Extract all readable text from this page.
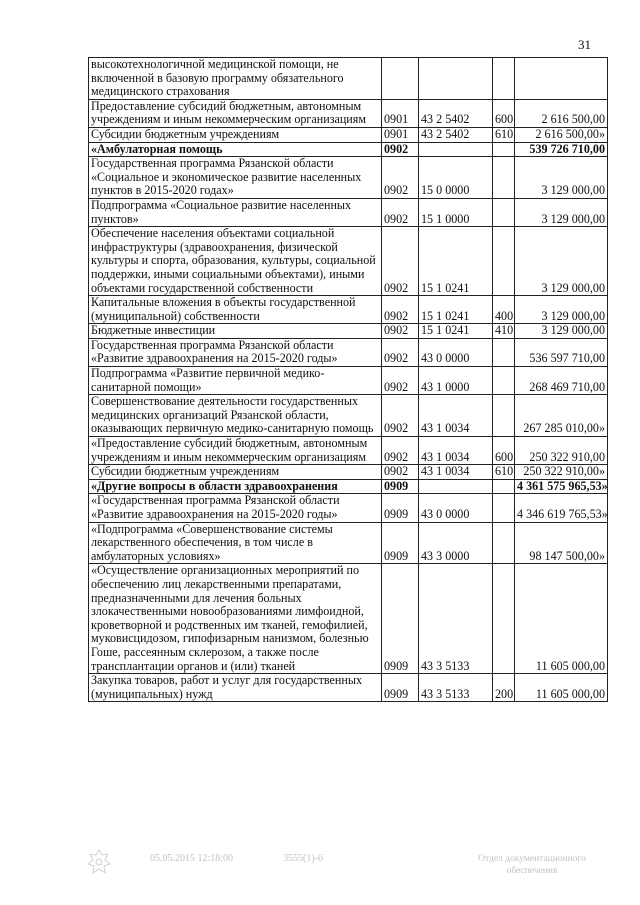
31
высокотехнологичной медицинской помощи, не включенной в базовую программу обязательного медицинского страхования				
Предоставление субсидий бюджетным, автономным учреждениям и иным некоммерческим организациям	0901	43 2 5402	600	2 616 500,00
Субсидии бюджетным учреждениям	0901	43 2 5402	610	2 616 500,00»
«Амбулаторная помощь	0902			539 726 710,00
Государственная программа Рязанской области «Социальное и экономическое развитие населенных пунктов в 2015-2020 годах»	0902	15 0 0000		3 129 000,00
Подпрограмма «Социальное развитие населенных пунктов»	0902	15 1 0000		3 129 000,00
Обеспечение населения объектами социальной инфраструктуры (здравоохранения, физической культуры и спорта, образования, культуры, социальной поддержки, иными социальными объектами), иными объектами государственной собственности	0902	15 1 0241		3 129 000,00
Капитальные вложения в объекты государственной (муниципальной) собственности	0902	15 1 0241	400	3 129 000,00
Бюджетные инвестиции	0902	15 1 0241	410	3 129 000,00
Государственная программа Рязанской области «Развитие здравоохранения на 2015-2020 годы»	0902	43 0 0000		536 597 710,00
Подпрограмма «Развитие первичной медико-санитарной помощи»	0902	43 1 0000		268 469 710,00
Совершенствование деятельности государственных медицинских организаций Рязанской области, оказывающих первичную медико-санитарную помощь	0902	43 1 0034		267 285 010,00»
«Предоставление субсидий бюджетным, автономным учреждениям и иным некоммерческим организациям	0902	43 1 0034	600	250 322 910,00
Субсидии бюджетным учреждениям	0902	43 1 0034	610	250 322 910,00»
«Другие вопросы в области здравоохранения	0909			4 361 575 965,53»
«Государственная программа Рязанской области «Развитие здравоохранения на 2015-2020 годы»	0909	43 0 0000		4 346 619 765,53»
«Подпрограмма «Совершенствование системы лекарственного обеспечения, в том числе в амбулаторных условиях»	0909	43 3 0000		98 147 500,00»
«Осуществление организационных мероприятий по обеспечению лиц лекарственными препаратами, предназначенными для лечения больных злокачественными новообразованиями лимфоидной, кроветворной и родственных им тканей, гемофилией, муковисцидозом, гипофизарным нанизмом, болезнью Гоше, рассеянным склерозом, а также после трансплантации органов и (или) тканей	0909	43 3 5133		11 605 000,00
Закупка товаров, работ и услуг для государственных (муниципальных) нужд	0909	43 3 5133	200	11 605 000,00
05.05.2015 12:18:00	3555(1)-6	Отдел документационного обеспечения
